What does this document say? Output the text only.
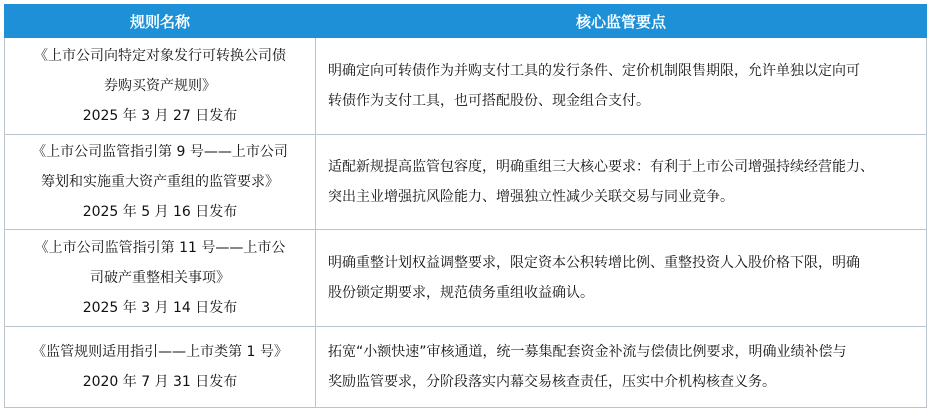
规则名称	核心监管要点

《上市公司向特定对象发行可转换公司债
券购买资产规则》
2025 年 3 月 27 日发布	明确定向可转债作为并购支付工具的发行条件、定价机制限售期限，允许单独以定向可
转债作为支付工具，也可搭配股份、现金组合支付。

《上市公司监管指引第 9 号——上市公司
筹划和实施重大资产重组的监管要求》
2025 年 5 月 16 日发布	适配新规提高监管包容度，明确重组三大核心要求：有利于上市公司增强持续经营能力、
突出主业增强抗风险能力、增强独立性减少关联交易与同业竞争。

《上市公司监管指引第 11 号——上市公
司破产重整相关事项》
2025 年 3 月 14 日发布	明确重整计划权益调整要求，限定资本公积转增比例、重整投资人入股价格下限，明确
股份锁定期要求，规范债务重组收益确认。

《监管规则适用指引——上市类第 1 号》
2020 年 7 月 31 日发布	拓宽“小额快速”审核通道，统一募集配套资金补流与偿债比例要求，明确业绩补偿与
奖励监管要求，分阶段落实内幕交易核查责任，压实中介机构核查义务。
